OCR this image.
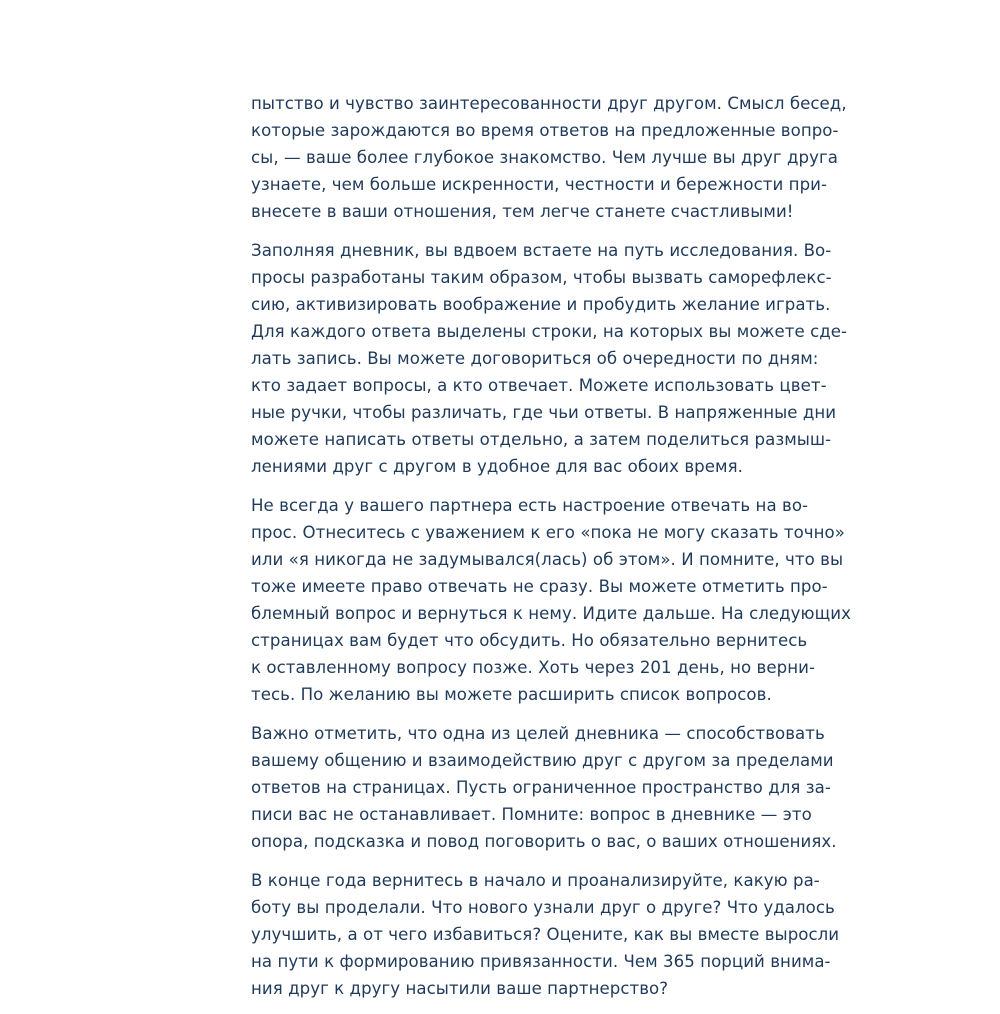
пытство и чувство заинтересованности друг другом. Смысл бесед,
которые зарождаются во время ответов на предложенные вопро-
сы, — ваше более глубокое знакомство. Чем лучше вы друг друга
узнаете, чем больше искренности, честности и бережности при-
внесете в ваши отношения, тем легче станете счастливыми!

Заполняя дневник, вы вдвоем встаете на путь исследования. Во-
просы разработаны таким образом, чтобы вызвать саморефлекс-
сию, активизировать воображение и пробудить желание играть.
Для каждого ответа выделены строки, на которых вы можете сде-
лать запись. Вы можете договориться об очередности по дням:
кто задает вопросы, а кто отвечает. Можете использовать цвет-
ные ручки, чтобы различать, где чьи ответы. В напряженные дни
можете написать ответы отдельно, а затем поделиться размыш-
лениями друг с другом в удобное для вас обоих время.

Не всегда у вашего партнера есть настроение отвечать на во-
прос. Отнеситесь с уважением к его «пока не могу сказать точно»
или «я никогда не задумывался(лась) об этом». И помните, что вы
тоже имеете право отвечать не сразу. Вы можете отметить про-
блемный вопрос и вернуться к нему. Идите дальше. На следующих
страницах вам будет что обсудить. Но обязательно вернитесь
к оставленному вопросу позже. Хоть через 201 день, но верни-
тесь. По желанию вы можете расширить список вопросов.

Важно отметить, что одна из целей дневника — способствовать
вашему общению и взаимодействию друг с другом за пределами
ответов на страницах. Пусть ограниченное пространство для за-
писи вас не останавливает. Помните: вопрос в дневнике — это
опора, подсказка и повод поговорить о вас, о ваших отношениях.

В конце года вернитесь в начало и проанализируйте, какую ра-
боту вы проделали. Что нового узнали друг о друге? Что удалось
улучшить, а от чего избавиться? Оцените, как вы вместе выросли
на пути к формированию привязанности. Чем 365 порций внима-
ния друг к другу насытили ваше партнерство?
